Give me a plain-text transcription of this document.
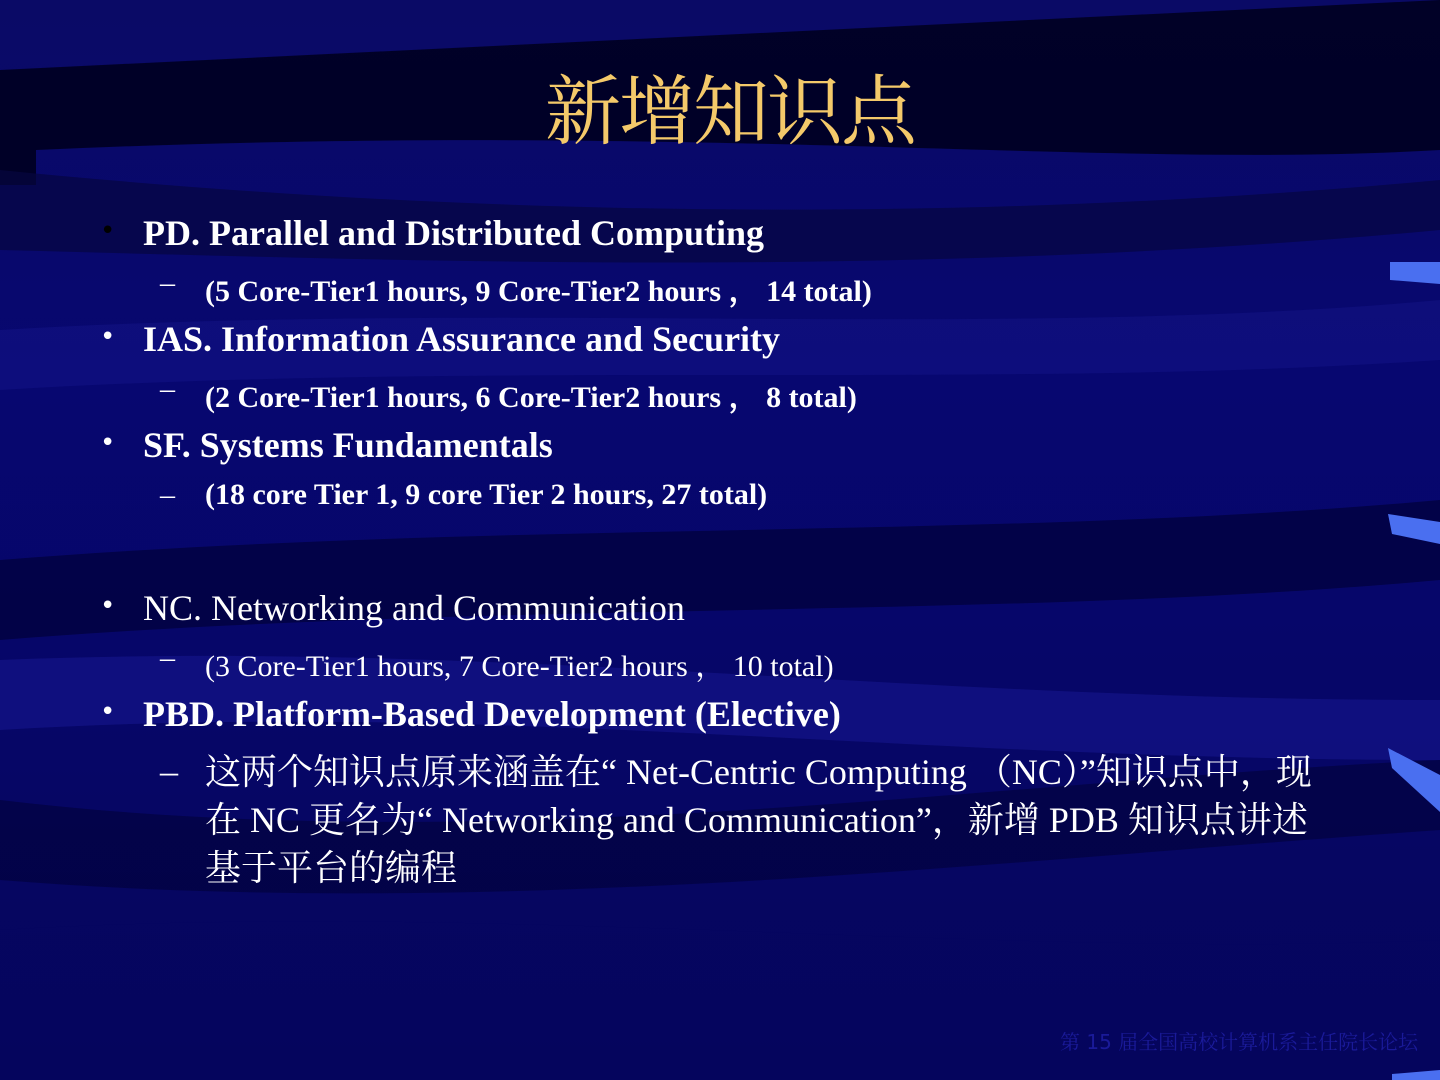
新增知识点
• PD. Parallel and Distributed Computing
– (5 Core-Tier1 hours, 9 Core-Tier2 hours ， 14 total)
• IAS. Information Assurance and Security
– (2 Core-Tier1 hours, 6 Core-Tier2 hours ， 8 total)
• SF. Systems Fundamentals
– (18 core Tier 1, 9 core Tier 2 hours, 27 total)
• NC. Networking and Communication
– (3 Core-Tier1 hours, 7 Core-Tier2 hours ， 10 total)
• PBD. Platform-Based Development (Elective)
– 这两个知识点原来涵盖在“ Net-Centric Computing （NC）”知识点中，现在 NC 更名为“ Networking and Communication”，新增 PDB 知识点讲述基于平台的编程
第 15 届全国高校计算机系主任院长论坛
